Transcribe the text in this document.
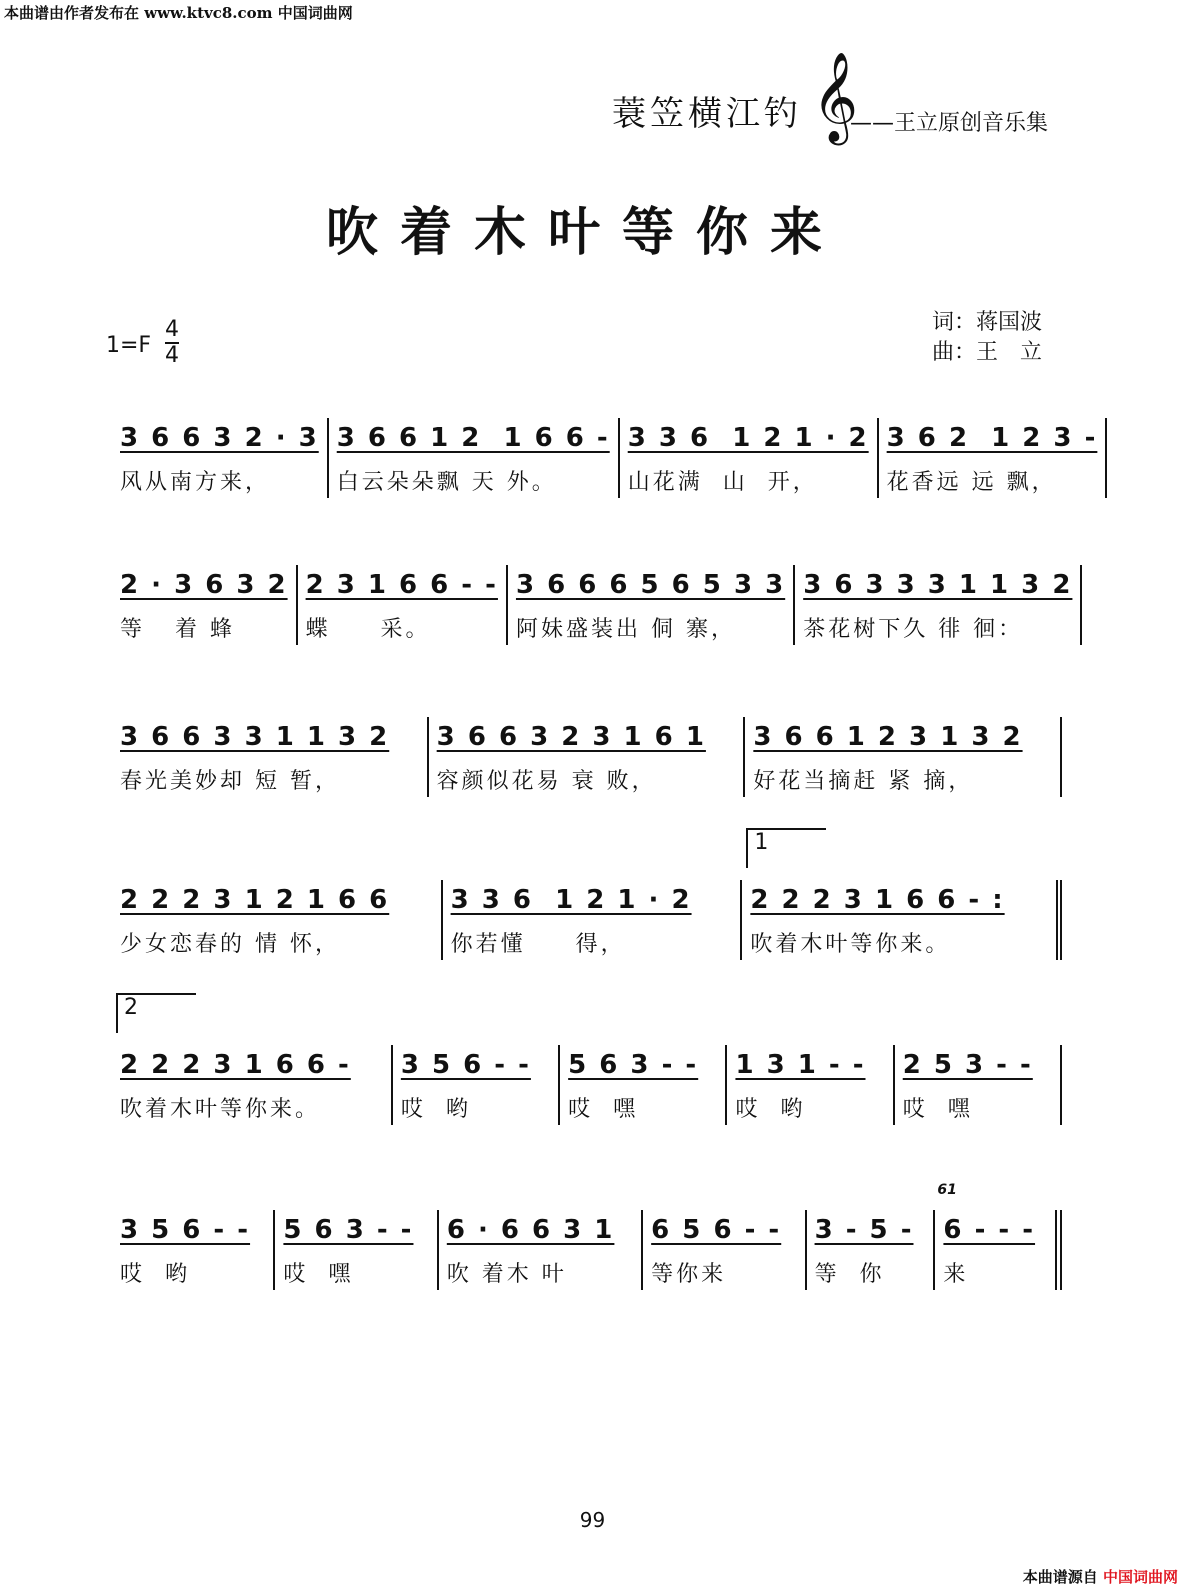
本曲谱由作者发布在 www.ktvc8.com 中国词曲网
蓑笠横江钓 𝄞
——王立原创音乐集
吹着木叶等你来
1=F
4
4
词：蒋国波
曲：王　立
3 6 6 3 2 · 3
风从南方来，
3 6 6 1 2  1 6 6 -
白云朵朵飘 天 外。
3 3 6  1 2 1 · 2
山花满  山  开，
3 6 2  1 2 3 -
花香远 远 飘，
2 · 3 6 3 2
等   着 蜂
2 3 1 6 6 - -
蝶     采。
3 6 6 6 5 6 5 3 3
阿妹盛装出 侗 寨，
3 6 3 3 3 1 1 3 2
茶花树下久 徘 徊：
3 6 6 3 3 1 1 3 2
春光美妙却 短 暂，
3 6 6 3 2 3 1 6 1
容颜似花易 衰 败，
3 6 6 1 2 3 1 3 2
好花当摘赶 紧 摘，
2 2 2 3 1 2 1 6 6
少女恋春的 情 怀，
3 3 6  1 2 1 · 2
你若懂     得，
1
2 2 2 3 1 6 6 - :
吹着木叶等你来。
2
2 2 2 3 1 6 6 -
吹着木叶等你来。
3 5 6 - -
哎  哟
5 6 3 - -
哎  嘿
1 3 1 - -
哎  哟
2 5 3 - -
哎  嘿
3 5 6 - -
哎  哟
5 6 3 - -
哎  嘿
6 · 6 6 3 1
吹 着木 叶
6 5 6 - -
等你来
3 - 5 -
等  你
61
6 - - -
来
99
本曲谱源自 中国词曲网
